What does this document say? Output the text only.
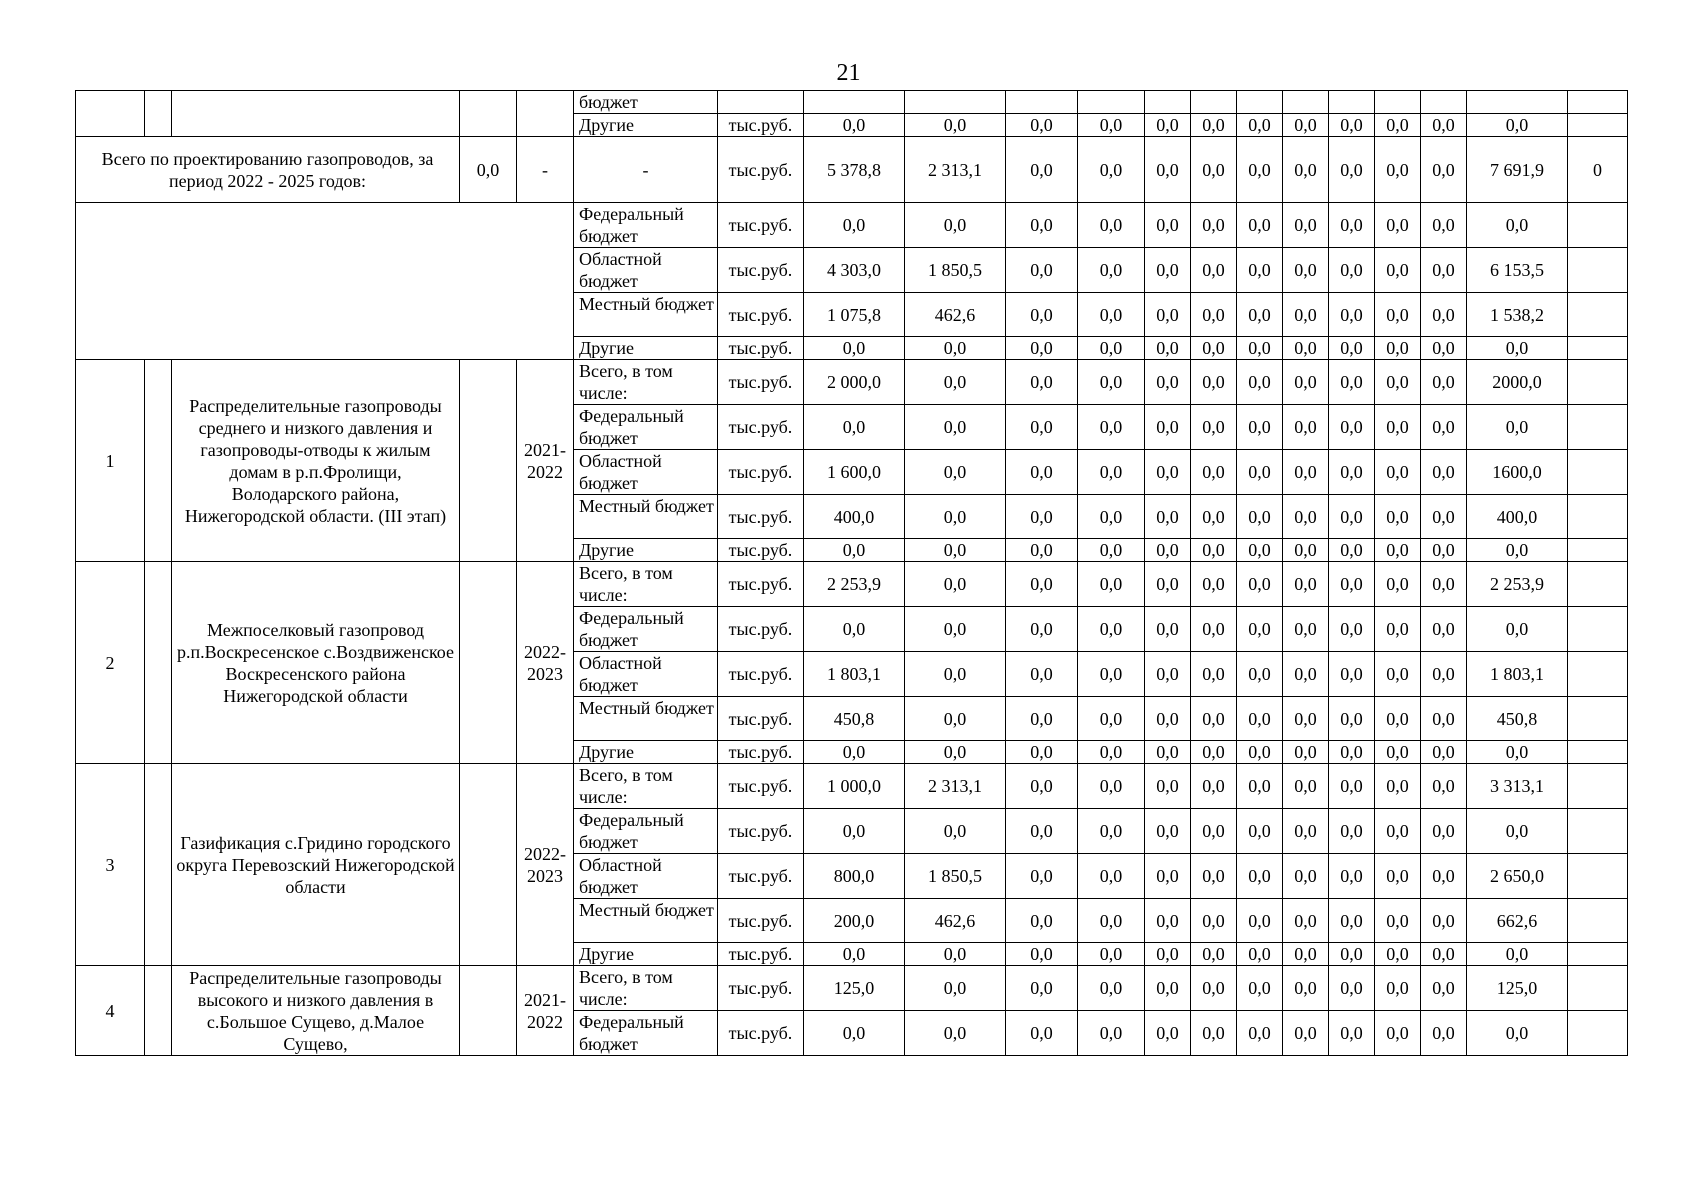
21
					бюджет														
					Другие	тыс.руб.	0,0	0,0	0,0	0,0	0,0	0,0	0,0	0,0	0,0	0,0	0,0	0,0	
Всего по проектированию газопроводов, за период 2022 - 2025 годов:			0,0	-	-	тыс.руб.	5 378,8	2 313,1	0,0	0,0	0,0	0,0	0,0	0,0	0,0	0,0	0,0	7 691,9	0
					Федеральный бюджет	тыс.руб.	0,0	0,0	0,0	0,0	0,0	0,0	0,0	0,0	0,0	0,0	0,0	0,0	
					Областной бюджет	тыс.руб.	4 303,0	1 850,5	0,0	0,0	0,0	0,0	0,0	0,0	0,0	0,0	0,0	6 153,5	
					Местный бюджет	тыс.руб.	1 075,8	462,6	0,0	0,0	0,0	0,0	0,0	0,0	0,0	0,0	0,0	1 538,2	
					Другие	тыс.руб.	0,0	0,0	0,0	0,0	0,0	0,0	0,0	0,0	0,0	0,0	0,0	0,0	
1		Распределительные газопроводы среднего и низкого давления и газопроводы-отводы к жилым домам в р.п.Фролищи, Володарского района, Нижегородской области. (III этап)		2021-2022	Всего, в том числе:	тыс.руб.	2 000,0	0,0	0,0	0,0	0,0	0,0	0,0	0,0	0,0	0,0	0,0	2000,0	
					Федеральный бюджет	тыс.руб.	0,0	0,0	0,0	0,0	0,0	0,0	0,0	0,0	0,0	0,0	0,0	0,0	
					Областной бюджет	тыс.руб.	1 600,0	0,0	0,0	0,0	0,0	0,0	0,0	0,0	0,0	0,0	0,0	1600,0	
					Местный бюджет	тыс.руб.	400,0	0,0	0,0	0,0	0,0	0,0	0,0	0,0	0,0	0,0	0,0	400,0	
					Другие	тыс.руб.	0,0	0,0	0,0	0,0	0,0	0,0	0,0	0,0	0,0	0,0	0,0	0,0	
2		Межпоселковый газопровод р.п.Воскресенское с.Воздвиженское Воскресенского района Нижегородской области		2022-2023	Всего, в том числе:	тыс.руб.	2 253,9	0,0	0,0	0,0	0,0	0,0	0,0	0,0	0,0	0,0	0,0	2 253,9	
					Федеральный бюджет	тыс.руб.	0,0	0,0	0,0	0,0	0,0	0,0	0,0	0,0	0,0	0,0	0,0	0,0	
					Областной бюджет	тыс.руб.	1 803,1	0,0	0,0	0,0	0,0	0,0	0,0	0,0	0,0	0,0	0,0	1 803,1	
					Местный бюджет	тыс.руб.	450,8	0,0	0,0	0,0	0,0	0,0	0,0	0,0	0,0	0,0	0,0	450,8	
					Другие	тыс.руб.	0,0	0,0	0,0	0,0	0,0	0,0	0,0	0,0	0,0	0,0	0,0	0,0	
3		Газификация с.Гридино городского округа Перевозский Нижегородской области		2022-2023	Всего, в том числе:	тыс.руб.	1 000,0	2 313,1	0,0	0,0	0,0	0,0	0,0	0,0	0,0	0,0	0,0	3 313,1	
					Федеральный бюджет	тыс.руб.	0,0	0,0	0,0	0,0	0,0	0,0	0,0	0,0	0,0	0,0	0,0	0,0	
					Областной бюджет	тыс.руб.	800,0	1 850,5	0,0	0,0	0,0	0,0	0,0	0,0	0,0	0,0	0,0	2 650,0	
					Местный бюджет	тыс.руб.	200,0	462,6	0,0	0,0	0,0	0,0	0,0	0,0	0,0	0,0	0,0	662,6	
					Другие	тыс.руб.	0,0	0,0	0,0	0,0	0,0	0,0	0,0	0,0	0,0	0,0	0,0	0,0	
4		Распределительные газопроводы высокого и низкого давления в с.Большое Сущево, д.Малое Сущево,		2021-2022	Всего, в том числе:	тыс.руб.	125,0	0,0	0,0	0,0	0,0	0,0	0,0	0,0	0,0	0,0	0,0	125,0	
					Федеральный бюджет	тыс.руб.	0,0	0,0	0,0	0,0	0,0	0,0	0,0	0,0	0,0	0,0	0,0	0,0	
